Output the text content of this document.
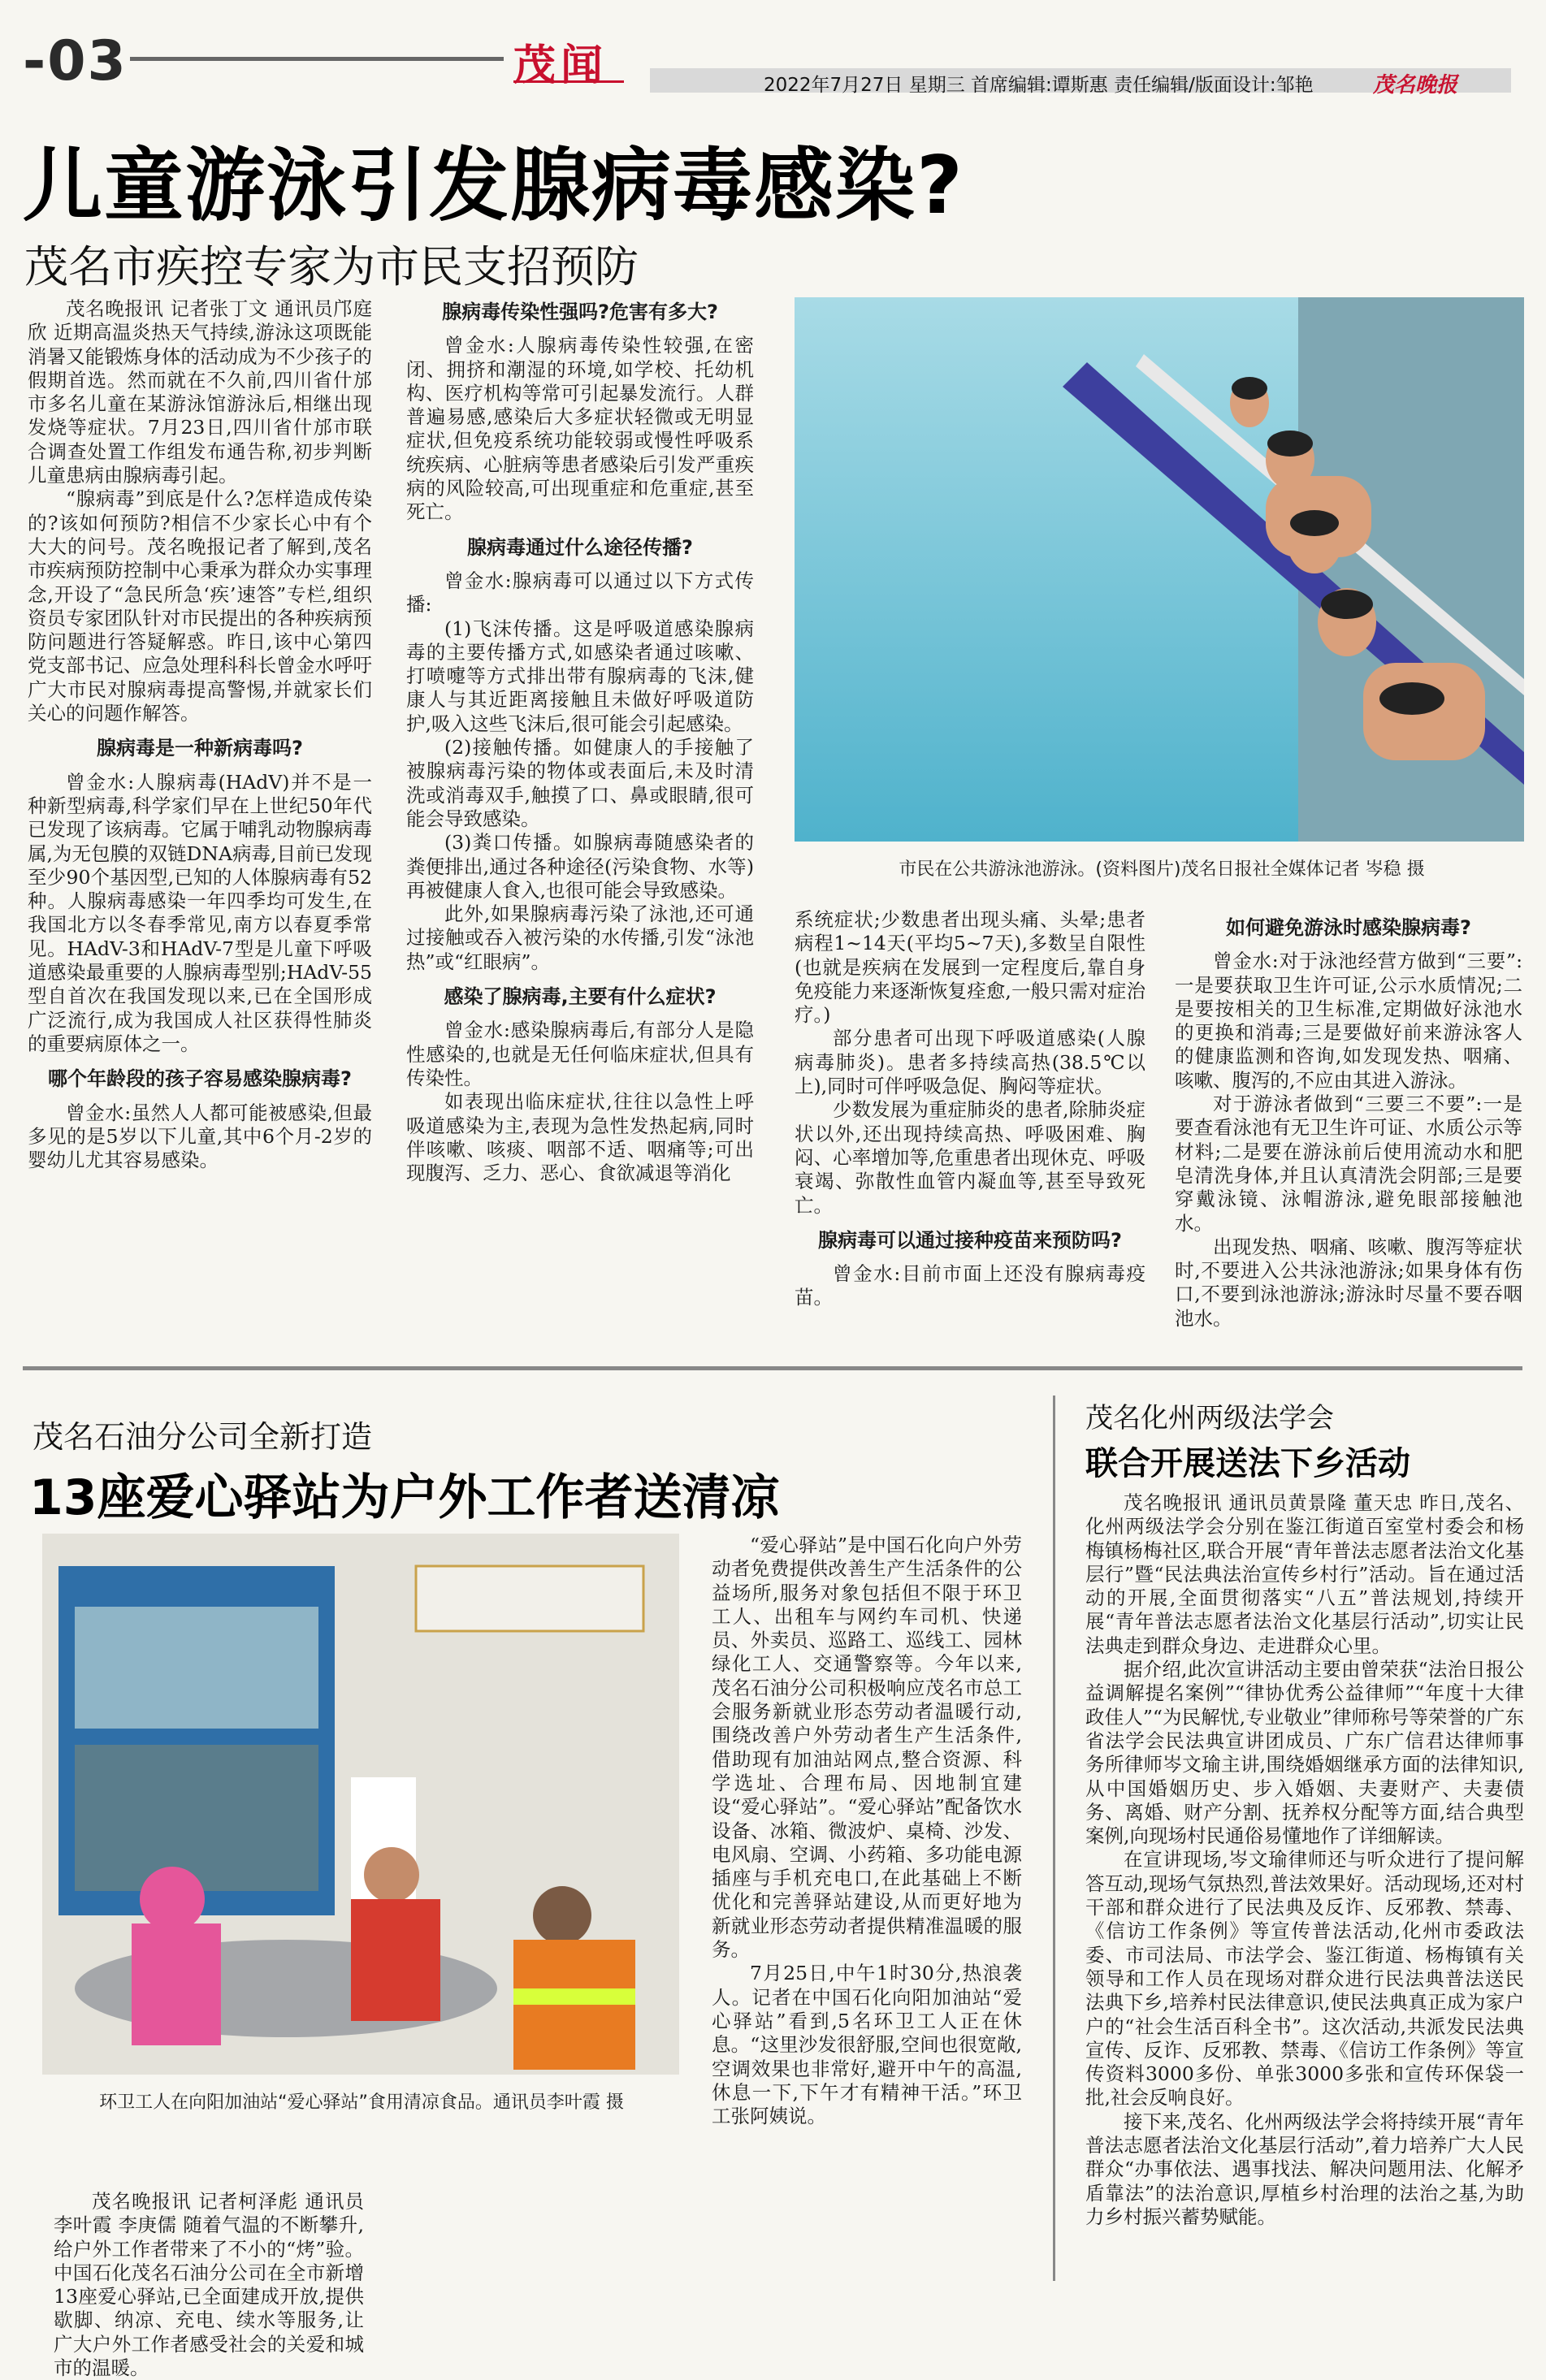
-03	茂闻	2022年7月27日 星期三 首席编辑:谭斯惠 责任编辑/版面设计:邹艳	茂名晚报
儿童游泳引发腺病毒感染?
茂名市疾控专家为市民支招预防

茂名晚报讯 记者张丁文 通讯员邝庭欣 近期高温炎热天气持续,游泳这项既能消暑又能锻炼身体的活动成为不少孩子的假期首选。然而就在不久前,四川省什邡市多名儿童在某游泳馆游泳后,相继出现发烧等症状。7月23日,四川省什邡市联合调查处置工作组发布通告称,初步判断儿童患病由腺病毒引起。

“腺病毒”到底是什么?怎样造成传染的?该如何预防?相信不少家长心中有个大大的问号。茂名晚报记者了解到,茂名市疾病预防控制中心秉承为群众办实事理念,开设了“急民所急‘疾’速答”专栏,组织资员专家团队针对市民提出的各种疾病预防问题进行答疑解惑。昨日,该中心第四党支部书记、应急处理科科长曾金水呼吁广大市民对腺病毒提高警惕,并就家长们关心的问题作解答。

腺病毒是一种新病毒吗?

曾金水:人腺病毒(HAdV)并不是一种新型病毒,科学家们早在上世纪50年代已发现了该病毒。它属于哺乳动物腺病毒属,为无包膜的双链DNA病毒,目前已发现至少90个基因型,已知的人体腺病毒有52种。人腺病毒感染一年四季均可发生,在我国北方以冬春季常见,南方以春夏季常见。HAdV-3和HAdV-7型是儿童下呼吸道感染最重要的人腺病毒型别;HAdV-55型自首次在我国发现以来,已在全国形成广泛流行,成为我国成人社区获得性肺炎的重要病原体之一。

哪个年龄段的孩子容易感染腺病毒?

曾金水:虽然人人都可能被感染,但最多见的是5岁以下儿童,其中6个月-2岁的婴幼儿尤其容易感染。

腺病毒传染性强吗?危害有多大?

曾金水:人腺病毒传染性较强,在密闭、拥挤和潮湿的环境,如学校、托幼机构、医疗机构等常可引起暴发流行。人群普遍易感,感染后大多症状轻微或无明显症状,但免疫系统功能较弱或慢性呼吸系统疾病、心脏病等患者感染后引发严重疾病的风险较高,可出现重症和危重症,甚至死亡。

腺病毒通过什么途径传播?

曾金水:腺病毒可以通过以下方式传播:

(1)飞沫传播。这是呼吸道感染腺病毒的主要传播方式,如感染者通过咳嗽、打喷嚏等方式排出带有腺病毒的飞沫,健康人与其近距离接触且未做好呼吸道防护,吸入这些飞沫后,很可能会引起感染。

(2)接触传播。如健康人的手接触了被腺病毒污染的物体或表面后,未及时清洗或消毒双手,触摸了口、鼻或眼睛,很可能会导致感染。

(3)粪口传播。如腺病毒随感染者的粪便排出,通过各种途径(污染食物、水等)再被健康人食入,也很可能会导致感染。

此外,如果腺病毒污染了泳池,还可通过接触或吞入被污染的水传播,引发“泳池热”或“红眼病”。

感染了腺病毒,主要有什么症状?

曾金水:感染腺病毒后,有部分人是隐性感染的,也就是无任何临床症状,但具有传染性。

如表现出临床症状,往往以急性上呼吸道感染为主,表现为急性发热起病,同时伴咳嗽、咳痰、咽部不适、咽痛等;可出现腹泻、乏力、恶心、食欲减退等消化

市民在公共游泳池游泳。(资料图片)茂名日报社全媒体记者 岑稳 摄

系统症状;少数患者出现头痛、头晕;患者病程1~14天(平均5~7天),多数呈自限性(也就是疾病在发展到一定程度后,靠自身免疫能力来逐渐恢复痊愈,一般只需对症治疗。)

部分患者可出现下呼吸道感染(人腺病毒肺炎)。患者多持续高热(38.5℃以上),同时可伴呼吸急促、胸闷等症状。

少数发展为重症肺炎的患者,除肺炎症状以外,还出现持续高热、呼吸困难、胸闷、心率增加等,危重患者出现休克、呼吸衰竭、弥散性血管内凝血等,甚至导致死亡。

腺病毒可以通过接种疫苗来预防吗?

曾金水:目前市面上还没有腺病毒疫苗。

如何避免游泳时感染腺病毒?

曾金水:对于泳池经营方做到“三要”:一是要获取卫生许可证,公示水质情况;二是要按相关的卫生标准,定期做好泳池水的更换和消毒;三是要做好前来游泳客人的健康监测和咨询,如发现发热、咽痛、咳嗽、腹泻的,不应由其进入游泳。

对于游泳者做到“三要三不要”:一是要查看泳池有无卫生许可证、水质公示等材料;二是要在游泳前后使用流动水和肥皂清洗身体,并且认真清洗会阴部;三是要穿戴泳镜、泳帽游泳,避免眼部接触池水。

出现发热、咽痛、咳嗽、腹泻等症状时,不要进入公共泳池游泳;如果身体有伤口,不要到泳池游泳;游泳时尽量不要吞咽池水。

茂名石油分公司全新打造
13座爱心驿站为户外工作者送清凉
环卫工人在向阳加油站“爱心驿站”食用清凉食品。通讯员李叶霞 摄

茂名晚报讯 记者柯泽彪 通讯员李叶霞 李庚儒 随着气温的不断攀升,给户外工作者带来了不小的“烤”验。中国石化茂名石油分公司在全市新增13座爱心驿站,已全面建成开放,提供歇脚、纳凉、充电、续水等服务,让广大户外工作者感受社会的关爱和城市的温暖。

“爱心驿站”是中国石化向户外劳动者免费提供改善生产生活条件的公益场所,服务对象包括但不限于环卫工人、出租车与网约车司机、快递员、外卖员、巡路工、巡线工、园林绿化工人、交通警察等。今年以来,茂名石油分公司积极响应茂名市总工会服务新就业形态劳动者温暖行动,围绕改善户外劳动者生产生活条件,借助现有加油站网点,整合资源、科学选址、合理布局、因地制宜建设“爱心驿站”。“爱心驿站”配备饮水设备、冰箱、微波炉、桌椅、沙发、电风扇、空调、小药箱、多功能电源插座与手机充电口,在此基础上不断优化和完善驿站建设,从而更好地为新就业形态劳动者提供精准温暖的服务。

7月25日,中午1时30分,热浪袭人。记者在中国石化向阳加油站“爱心驿站”看到,5名环卫工人正在休息。“这里沙发很舒服,空间也很宽敞,空调效果也非常好,避开中午的高温,休息一下,下午才有精神干活。”环卫工张阿姨说。

茂名化州两级法学会
联合开展送法下乡活动

茂名晚报讯 通讯员黄景隆 董天忠 昨日,茂名、化州两级法学会分别在鉴江街道百室堂村委会和杨梅镇杨梅社区,联合开展“青年普法志愿者法治文化基层行”暨“民法典法治宣传乡村行”活动。旨在通过活动的开展,全面贯彻落实“八五”普法规划,持续开展“青年普法志愿者法治文化基层行活动”,切实让民法典走到群众身边、走进群众心里。

据介绍,此次宣讲活动主要由曾荣获“法治日报公益调解提名案例”“律协优秀公益律师”“年度十大律政佳人”“为民解忧,专业敬业”律师称号等荣誉的广东省法学会民法典宣讲团成员、广东广信君达律师事务所律师岑文瑜主讲,围绕婚姻继承方面的法律知识,从中国婚姻历史、步入婚姻、夫妻财产、夫妻债务、离婚、财产分割、抚养权分配等方面,结合典型案例,向现场村民通俗易懂地作了详细解读。

在宣讲现场,岑文瑜律师还与听众进行了提问解答互动,现场气氛热烈,普法效果好。活动现场,还对村干部和群众进行了民法典及反诈、反邪教、禁毒、《信访工作条例》等宣传普法活动,化州市委政法委、市司法局、市法学会、鉴江街道、杨梅镇有关领导和工作人员在现场对群众进行民法典普法送民法典下乡,培养村民法律意识,使民法典真正成为家户户的“社会生活百科全书”。这次活动,共派发民法典宣传、反诈、反邪教、禁毒、《信访工作条例》等宣传资料3000多份、单张3000多张和宣传环保袋一批,社会反响良好。

接下来,茂名、化州两级法学会将持续开展“青年普法志愿者法治文化基层行活动”,着力培养广大人民群众“办事依法、遇事找法、解决问题用法、化解矛盾靠法”的法治意识,厚植乡村治理的法治之基,为助力乡村振兴蓄势赋能。
